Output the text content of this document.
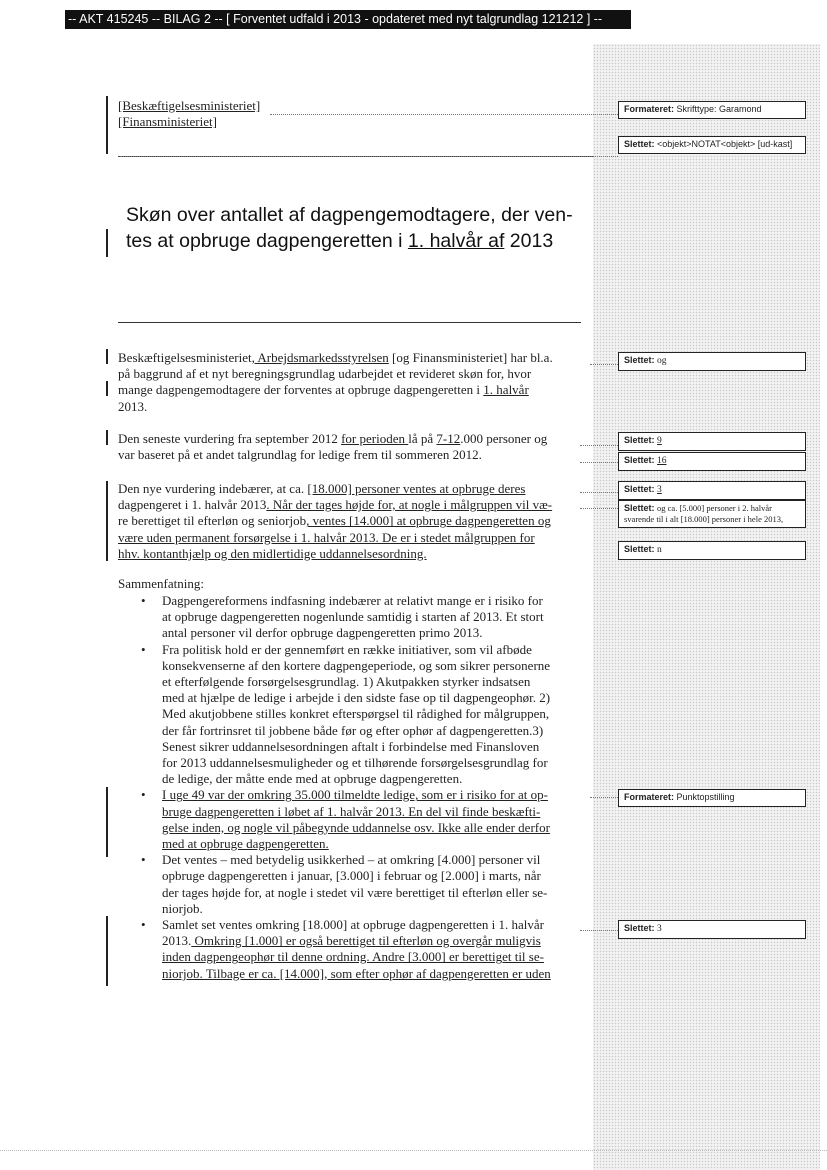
-- AKT 415245 -- BILAG 2 -- [ Forventet udfald i 2013 - opdateret med nyt talgrundlag 121212 ] --
[Beskæftigelsesministeriet]
[Finansministeriet]
Skøn over antallet af dagpengemodtagere, der ven-
tes at opbruge dagpengeretten i 1. halvår af 2013
Beskæftigelsesministeriet, Arbejdsmarkedsstyrelsen [og Finansministeriet] har bl.a.
på baggrund af et nyt beregningsgrundlag udarbejdet et revideret skøn for, hvor
mange dagpengemodtagere der forventes at opbruge dagpengeretten i 1. halvår
2013.
Den seneste vurdering fra september 2012 for perioden lå på 7-12.000 personer og
var baseret på et andet talgrundlag for ledige frem til sommeren 2012.
Den nye vurdering indebærer, at ca. [18.000] personer ventes at opbruge deres
dagpengeret i 1. halvår 2013. Når der tages højde for, at nogle i målgruppen vil væ-
re berettiget til efterløn og seniorjob, ventes [14.000] at opbruge dagpengeretten og
være uden permanent forsørgelse i 1. halvår 2013. De er i stedet målgruppen for
hhv. kontanthjælp og den midlertidige uddannelsesordning.
Sammenfatning:
• Dagpengereformens indfasning indebærer at relativt mange er i risiko for
at opbruge dagpengeretten nogenlunde samtidig i starten af 2013. Et stort
antal personer vil derfor opbruge dagpengeretten primo 2013.
• Fra politisk hold er der gennemført en række initiativer, som vil afbøde
konsekvenserne af den kortere dagpengeperiode, og som sikrer personerne
et efterfølgende forsørgelsesgrundlag. 1) Akutpakken styrker indsatsen
med at hjælpe de ledige i arbejde i den sidste fase op til dagpengeophør. 2)
Med akutjobbene stilles konkret efterspørgsel til rådighed for målgruppen,
der får fortrinsret til jobbene både før og efter ophør af dagpengeretten.3)
Senest sikrer uddannelsesordningen aftalt i forbindelse med Finansloven
for 2013 uddannelsesmuligheder og et tilhørende forsørgelsesgrundlag for
de ledige, der måtte ende med at opbruge dagpengeretten.
• I uge 49 var der omkring 35.000 tilmeldte ledige, som er i risiko for at op-
bruge dagpengeretten i løbet af 1. halvår 2013. En del vil finde beskæfti-
gelse inden, og nogle vil påbegynde uddannelse osv. Ikke alle ender derfor
med at opbruge dagpengeretten.
• Det ventes – med betydelig usikkerhed – at omkring [4.000] personer vil
opbruge dagpengeretten i januar, [3.000] i februar og [2.000] i marts, når
der tages højde for, at nogle i stedet vil være berettiget til efterløn eller se-
niorjob.
• Samlet set ventes omkring [18.000] at opbruge dagpengeretten i 1. halvår
2013. Omkring [1.000] er også berettiget til efterløn og overgår muligvis
inden dagpengeophør til denne ordning. Andre [3.000] er berettiget til se-
niorjob. Tilbage er ca. [14.000], som efter ophør af dagpengeretten er uden
Formateret: Skrifttype: Garamond
Slettet: <objekt>NOTAT<objekt> [ud-kast]
Slettet: og
Slettet: 9
Slettet: 16
Slettet: 3
Slettet: og ca. [5.000] personer i 2. halvår svarende til i alt [18.000] personer i hele 2013,
Slettet: n
Formateret: Punktopstilling
Slettet: 3
